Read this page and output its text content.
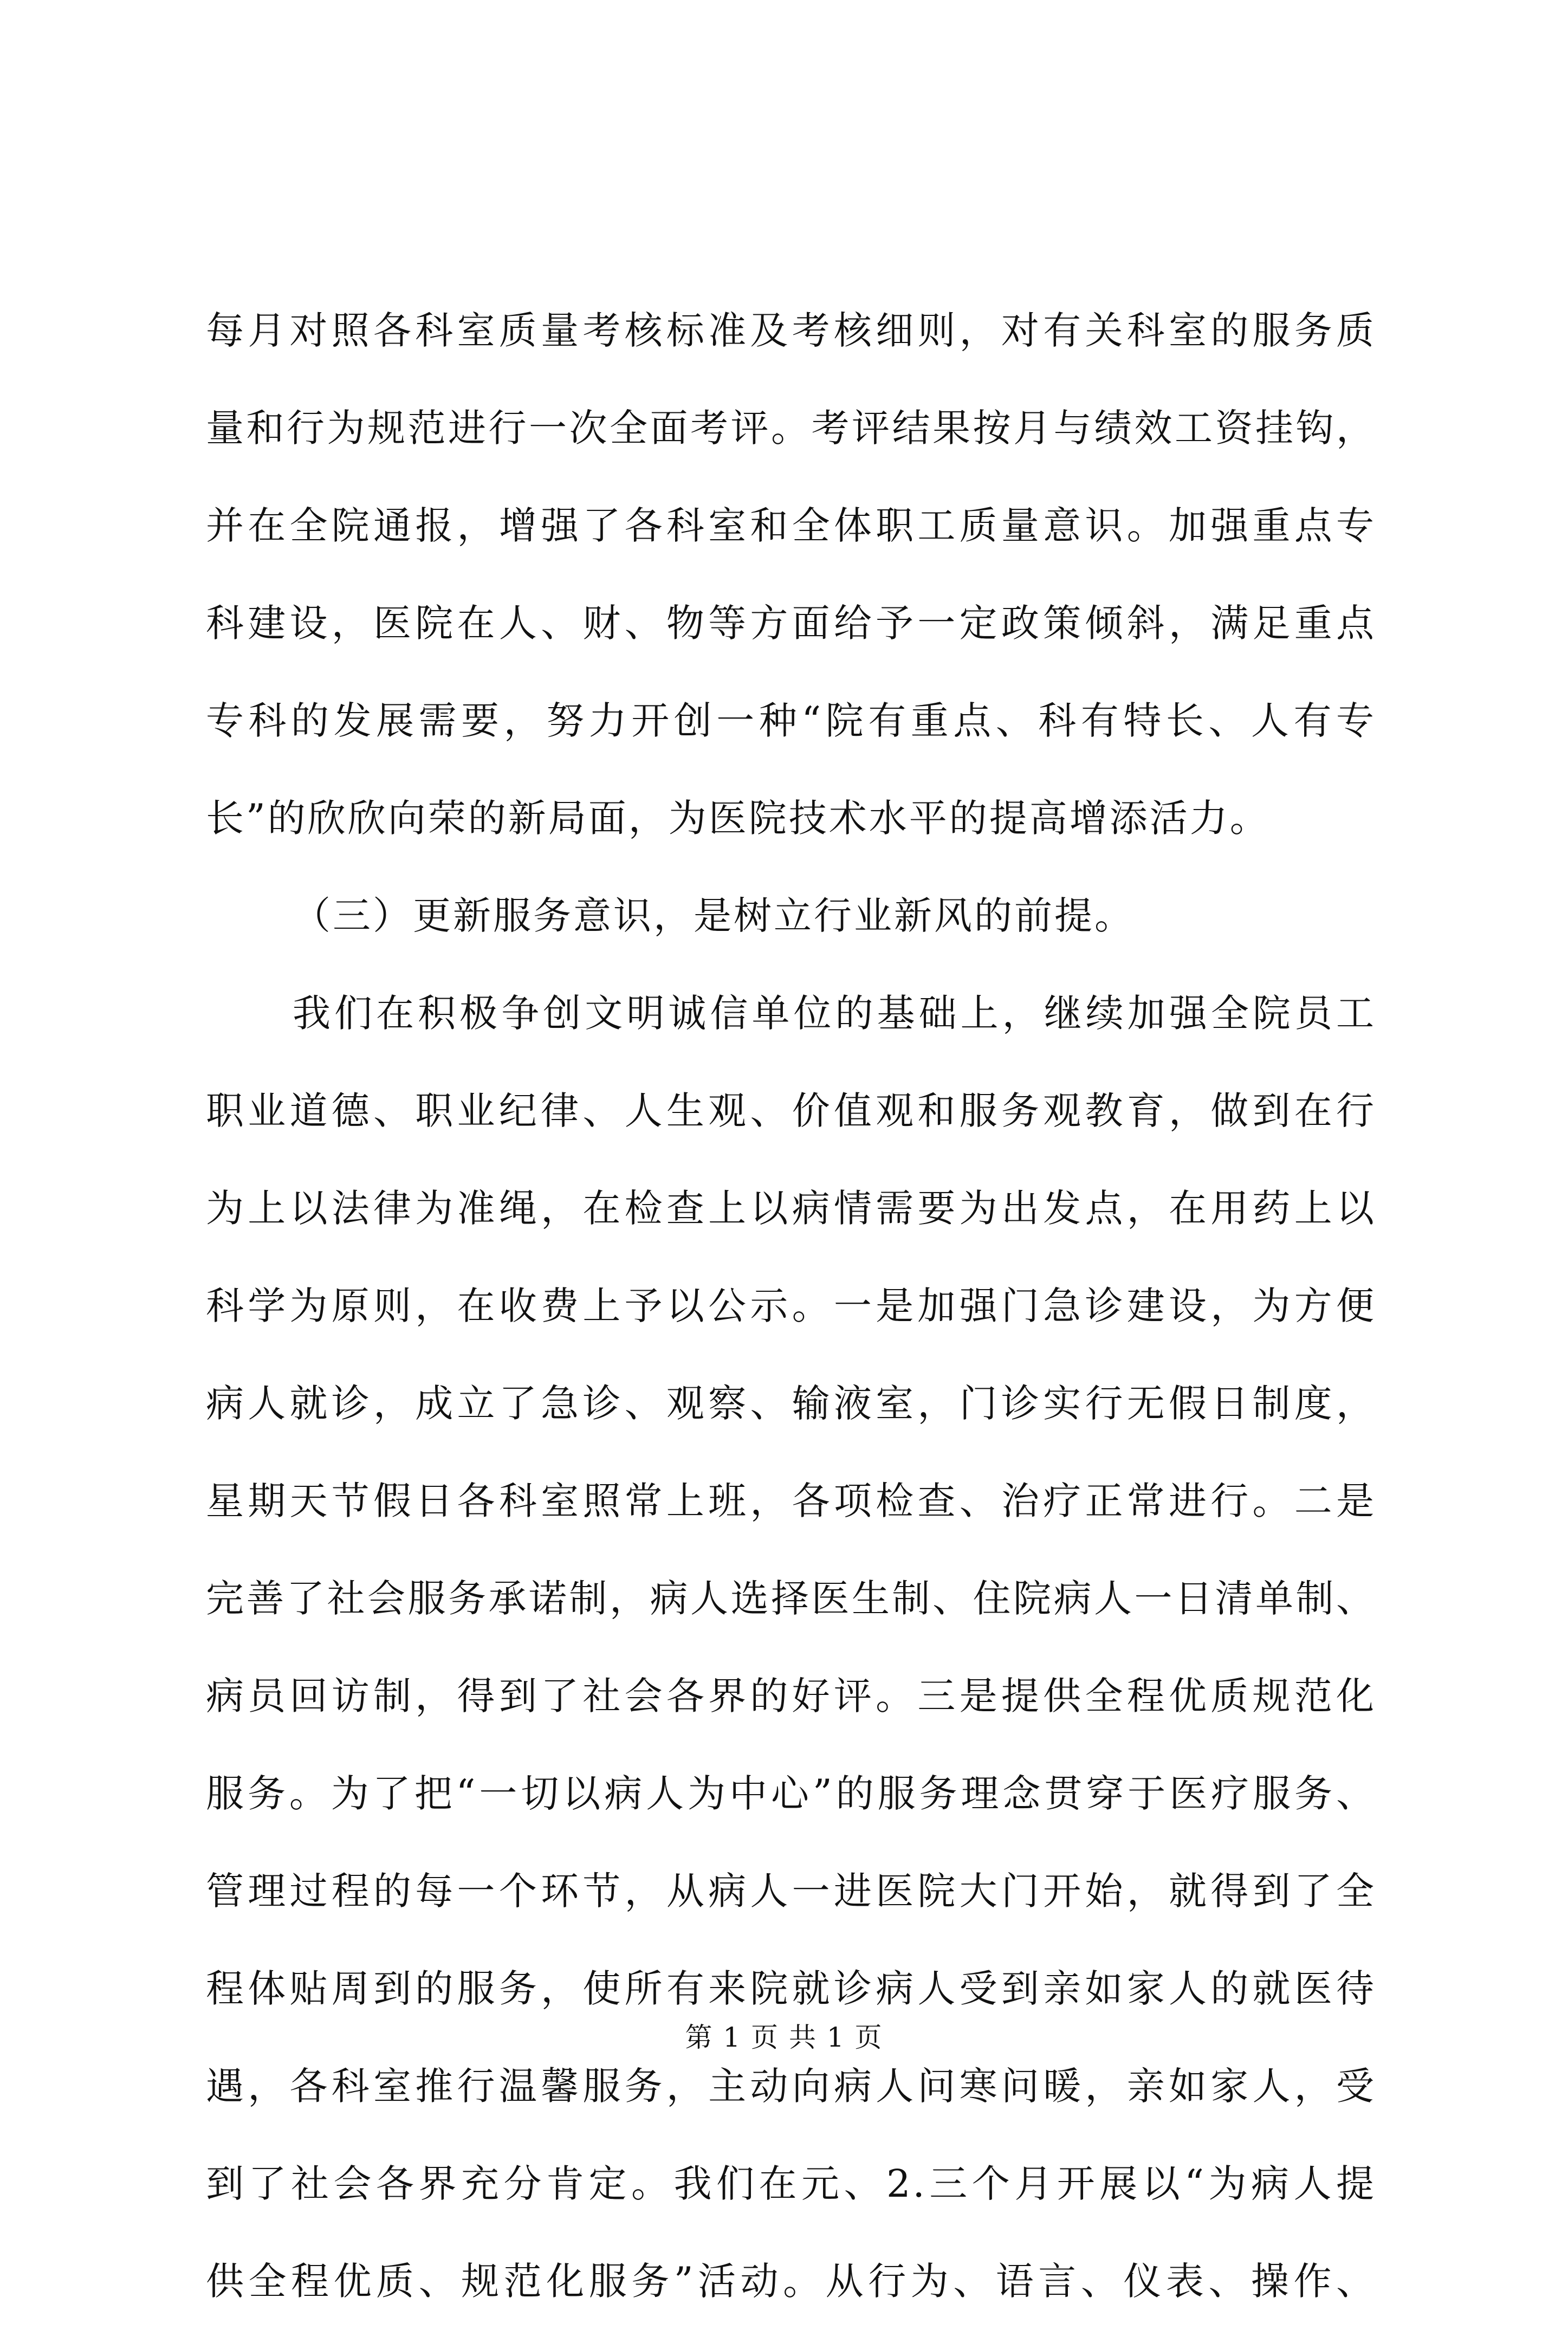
每月对照各科室质量考核标准及考核细则，对有关科室的服务质
量和行为规范进行一次全面考评。考评结果按月与绩效工资挂钩，
并在全院通报，增强了各科室和全体职工质量意识。加强重点专
科建设，医院在人、财、物等方面给予一定政策倾斜，满足重点
专科的发展需要，努力开创一种“院有重点、科有特长、人有专
长”的欣欣向荣的新局面，为医院技术水平的提高增添活力。
（三）更新服务意识，是树立行业新风的前提。
我们在积极争创文明诚信单位的基础上，继续加强全院员工
职业道德、职业纪律、人生观、价值观和服务观教育，做到在行
为上以法律为准绳，在检查上以病情需要为出发点，在用药上以
科学为原则，在收费上予以公示。一是加强门急诊建设，为方便
病人就诊，成立了急诊、观察、输液室，门诊实行无假日制度，
星期天节假日各科室照常上班，各项检查、治疗正常进行。二是
完善了社会服务承诺制，病人选择医生制、住院病人一日清单制、
病员回访制，得到了社会各界的好评。三是提供全程优质规范化
服务。为了把“一切以病人为中心”的服务理念贯穿于医疗服务、
管理过程的每一个环节，从病人一进医院大门开始，就得到了全
程体贴周到的服务，使所有来院就诊病人受到亲如家人的就医待
遇，各科室推行温馨服务，主动向病人问寒问暖，亲如家人，受
到了社会各界充分肯定。我们在元、2.三个月开展以“为病人提
供全程优质、规范化服务”活动。从行为、语言、仪表、操作、
第 1 页 共 1 页
